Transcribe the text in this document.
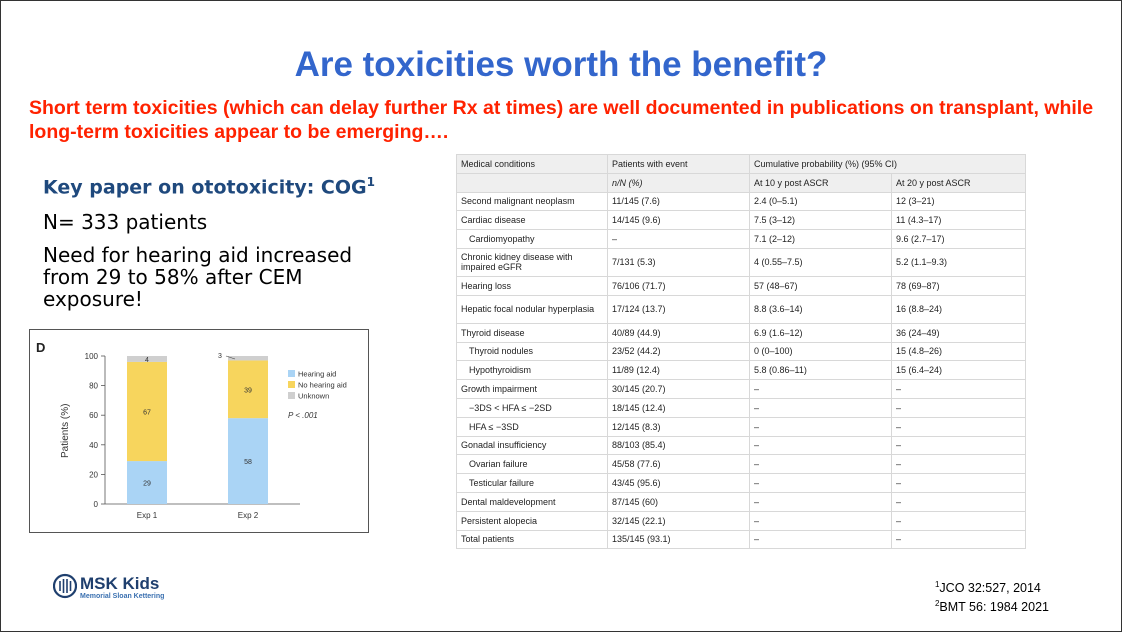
Are toxicities worth the benefit?
Short term toxicities (which can delay further Rx at times) are well documented in publications on transplant, while long-term toxicities appear to be emerging….
Key paper on ototoxicity: COG$^1$
N= 333 patients
Need for hearing aid increased from 29 to 58% after CEM exposure!
D
Patients (%)
0
20
40
60
80
100
29
67
4
58
39
3
Exp 1	Exp 2
Hearing aid
No hearing aid
Unknown
P < .001
Medical conditions	Patients with event	Cumulative probability (%) (95% CI)	
	n/N (%)	At 10 y post ASCR	At 20 y post ASCR
Second malignant neoplasm	11/145 (7.6)	2.4 (0–5.1)	12 (3–21)
Cardiac disease	14/145 (9.6)	7.5 (3–12)	11 (4.3–17)
Cardiomyopathy	–	7.1 (2–12)	9.6 (2.7–17)
Chronic kidney disease with impaired eGFR	7/131 (5.3)	4 (0.55–7.5)	5.2 (1.1–9.3)
Hearing loss	76/106 (71.7)	57 (48–67)	78 (69–87)
Hepatic focal nodular hyperplasia	17/124 (13.7)	8.8 (3.6–14)	16 (8.8–24)
Thyroid disease	40/89 (44.9)	6.9 (1.6–12)	36 (24–49)
Thyroid nodules	23/52 (44.2)	0 (0–100)	15 (4.8–26)
Hypothyroidism	11/89 (12.4)	5.8 (0.86–11)	15 (6.4–24)
Growth impairment	30/145 (20.7)	–	–
−3DS < HFA ≤ −2SD	18/145 (12.4)	–	–
HFA ≤ −3SD	12/145 (8.3)	–	–
Gonadal insufficiency	88/103 (85.4)	–	–
Ovarian failure	45/58 (77.6)	–	–
Testicular failure	43/45 (95.6)	–	–
Dental maldevelopment	87/145 (60)	–	–
Persistent alopecia	32/145 (22.1)	–	–
Total patients	135/145 (93.1)	–	–
MSK Kids
Memorial Sloan Kettering
$^1$JCO 32:527, 2014
$^2$BMT 56: 1984 2021
